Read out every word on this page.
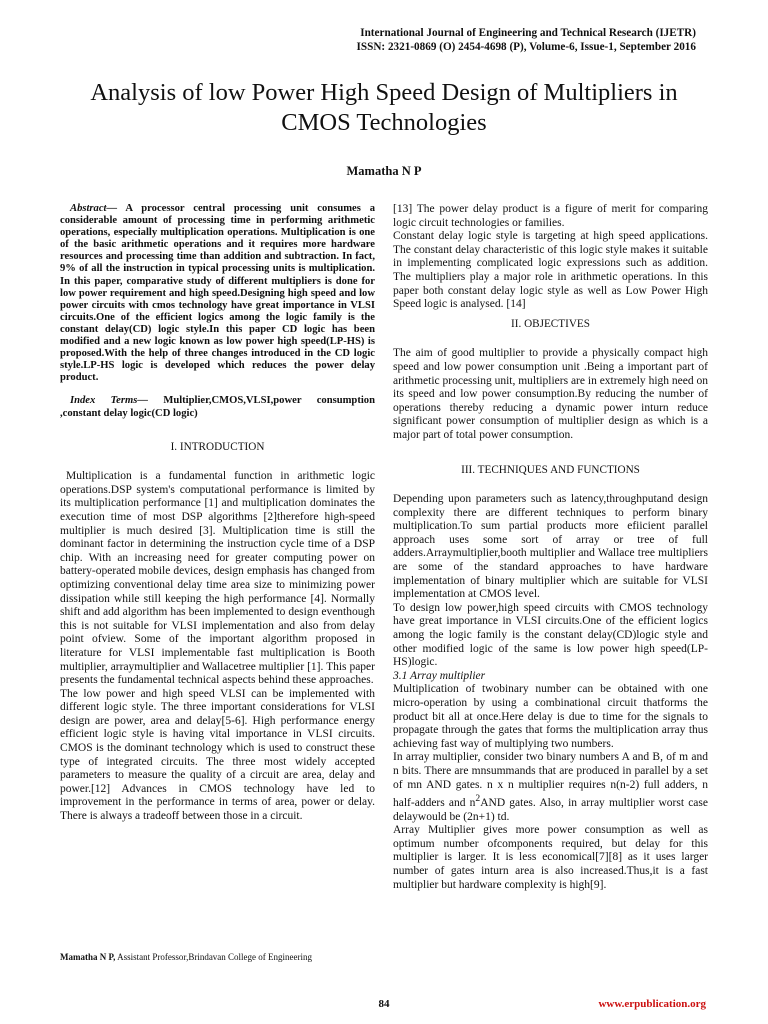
International Journal of Engineering and Technical Research (IJETR)
ISSN: 2321-0869 (O) 2454-4698 (P), Volume-6, Issue-1, September 2016
Analysis of low Power High Speed Design of Multipliers in CMOS Technologies
Mamatha N P

Abstract— A processor central processing unit consumes a considerable amount of processing time in performing arithmetic operations, especially multiplication operations. Multiplication is one of the basic arithmetic operations and it requires more hardware resources and processing time than addition and subtraction. In fact, 9% of all the instruction in typical processing units is multiplication. In this paper, comparative study of different multipliers is done for low power requirement and high speed.Designing high speed and low power circuits with cmos technology have great importance in VLSI circuits.One of the efficient logics among the logic family is the constant delay(CD) logic style.In this paper CD logic has been modified and a new logic known as low power high speed(LP-HS) is proposed.With the help of three changes introduced in the CD logic style.LP-HS logic is developed which reduces the power delay product.

Index Terms— Multiplier,CMOS,VLSI,power consumption ,constant delay logic(CD logic)

I. INTRODUCTION

Multiplication is a fundamental function in arithmetic logic operations.DSP system's computational performance is limited by its multiplication performance [1] and multiplication dominates the execution time of most DSP algorithms [2]therefore high-speed multiplier is much desired [3]. Multiplication time is still the dominant factor in determining the instruction cycle time of a DSP chip. With an increasing need for greater computing power on battery-operated mobile devices, design emphasis has changed from optimizing conventional delay time area size to minimizing power dissipation while still keeping the high performance [4]. Normally shift and add algorithm has been implemented to design eventhough this is not suitable for VLSI implementation and also from delay point ofview. Some of the important algorithm proposed in literature for VLSI implementable fast multiplication is Booth multiplier, arraymultiplier and Wallacetree multiplier [1]. This paper presents the fundamental technical aspects behind these approaches.

The low power and high speed VLSI can be implemented with different logic style. The three important considerations for VLSI design are power, area and delay[5-6]. High performance energy efficient logic style is having vital importance in VLSI circuits. CMOS is the dominant technology which is used to construct these type of integrated circuits. The three most widely accepted parameters to measure the quality of a circuit are area, delay and power.[12] Advances in CMOS technology have led to improvement in the performance in terms of area, power or delay. There is always a tradeoff between those in a circuit.

[13] The power delay product is a figure of merit for comparing logic circuit technologies or families.

Constant delay logic style is targeting at high speed applications. The constant delay characteristic of this logic style makes it suitable in implementing complicated logic expressions such as addition. The multipliers play a major role in arithmetic operations. In this paper both constant delay logic style as well as Low Power High Speed logic is analysed. [14]

II. OBJECTIVES

The aim of good multiplier to provide a physically compact high speed and low power consumption unit .Being a important part of arithmetic processing unit, multipliers are in extremely high need on its speed and low power consumption.By reducing the number of operations thereby reducing a dynamic power inturn reduce significant power consumption of multiplier design as which is a major part of total power consumption.

III. TECHNIQUES AND FUNCTIONS

Depending upon parameters such as latency,throughputand design complexity there are different techniques to perform binary multiplication.To sum partial products more efiicient parallel approach uses some sort of array or tree of full adders.Arraymultiplier,booth multiplier and Wallace tree multipliers are some of the standard approaches to have hardware implementation of binary multiplier which are suitable for VLSI implementation at CMOS level.

To design low power,high speed circuits with CMOS technology have great importance in VLSI circuits.One of the efficient logics among the logic family is the constant delay(CD)logic style and other modified logic of the same is low power high speed(LP-HS)logic.

3.1 Array multiplier

Multiplication of twobinary number can be obtained with one micro-operation by using a combinational circuit thatforms the product bit all at once.Here delay is due to time for the signals to propagate through the gates that forms the multiplication array thus achieving fast way of multiplying two numbers.

In array multiplier, consider two binary numbers A and B, of m and n bits. There are mnsummands that are produced in parallel by a set of mn AND gates. n x n multiplier requires n(n-2) full adders, n half-adders and $n^2AND$ gates. Also, in array multiplier worst case delaywould be (2n+1) td.

Array Multiplier gives more power consumption as well as optimum number ofcomponents required, but delay for this multiplier is larger. It is less economical[7][8] as it uses larger number of gates inturn area is also increased.Thus,it is a fast multiplier but hardware complexity is high[9].

Mamatha N P, Assistant Professor,Brindavan College of Engineering
84	www.erpublication.org
